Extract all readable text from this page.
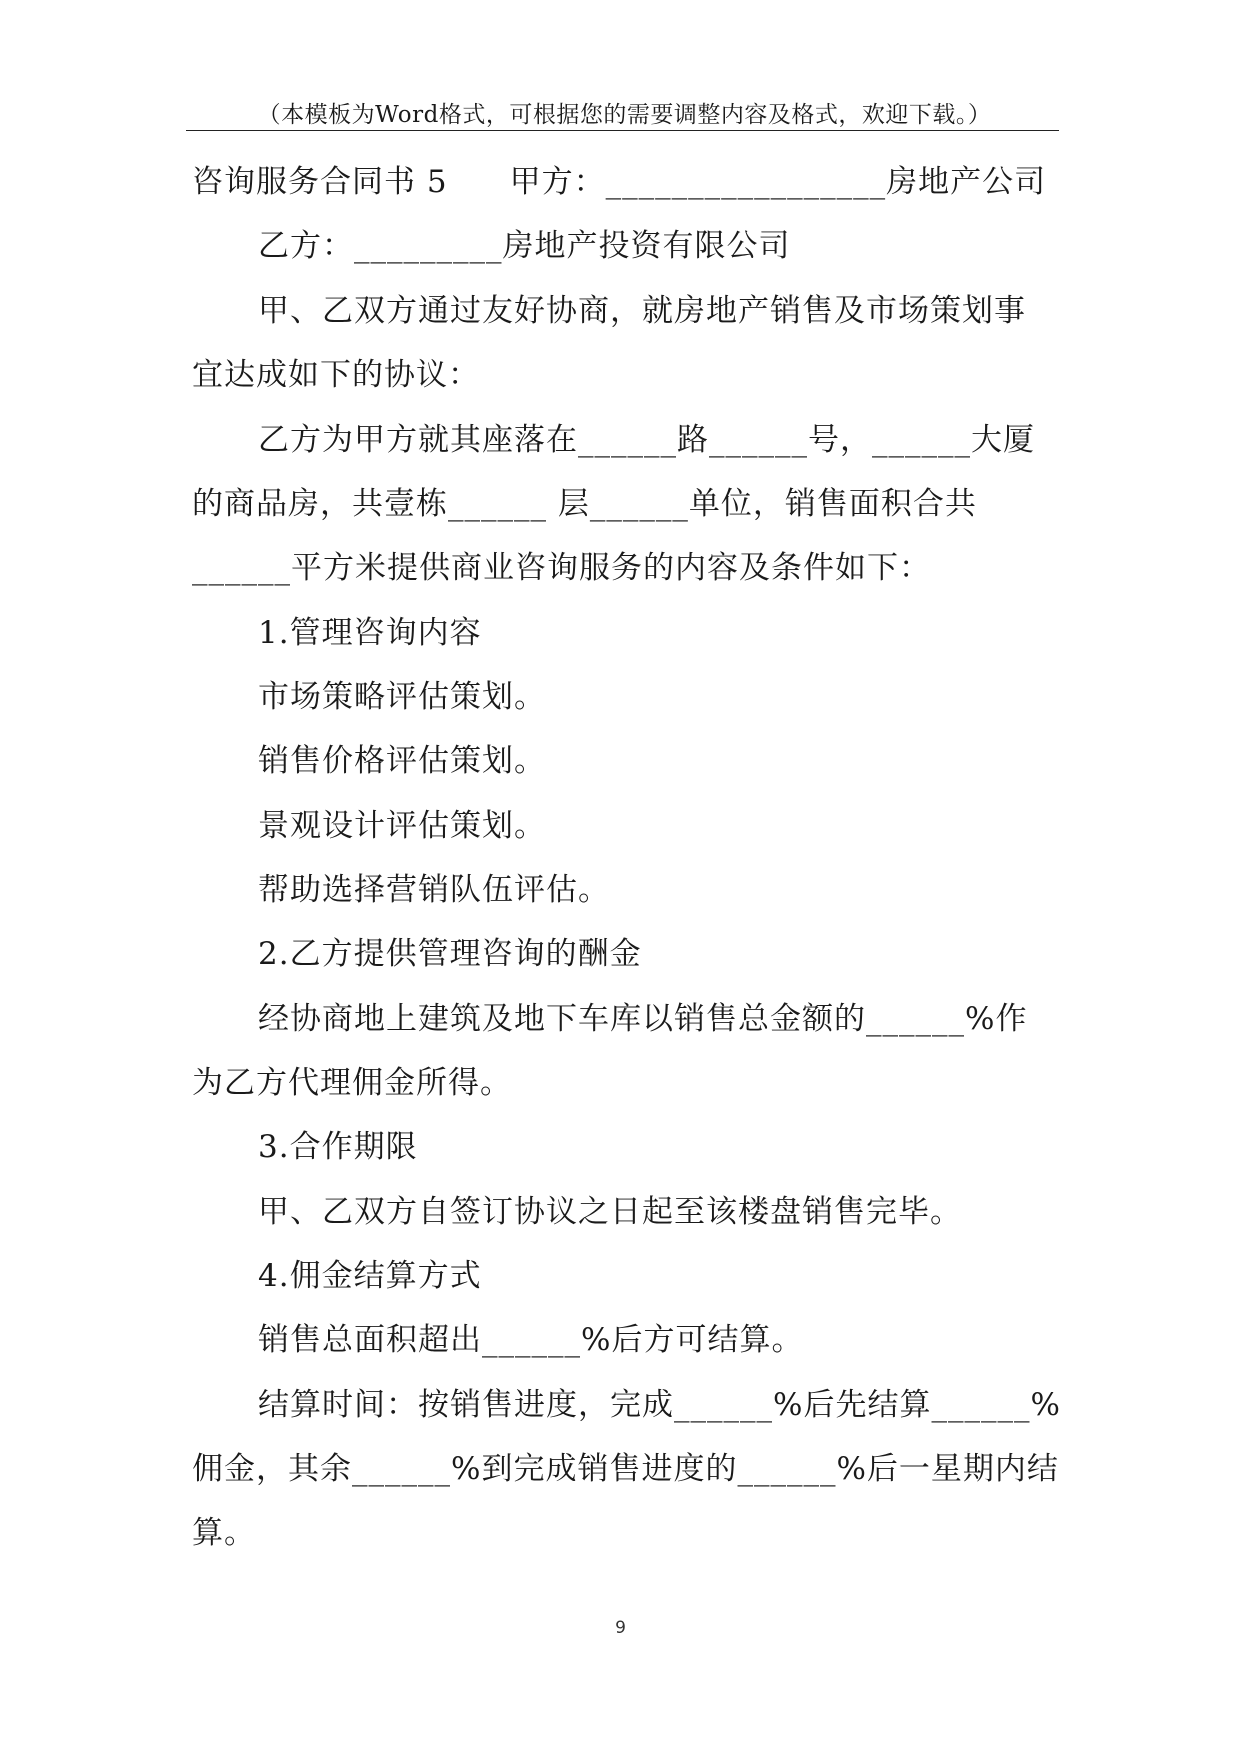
（本模板为Word格式，可根据您的需要调整内容及格式，欢迎下载。）
咨询服务合同书 5 甲方：_________________房地产公司
乙方：_________房地产投资有限公司
甲、乙双方通过友好协商，就房地产销售及市场策划事
宜达成如下的协议：
乙方为甲方就其座落在______路______号，______大厦
的商品房，共壹栋______ 层______单位，销售面积合共
______平方米提供商业咨询服务的内容及条件如下：
1.管理咨询内容
市场策略评估策划。
销售价格评估策划。
景观设计评估策划。
帮助选择营销队伍评估。
2.乙方提供管理咨询的酬金
经协商地上建筑及地下车库以销售总金额的______%作
为乙方代理佣金所得。
3.合作期限
甲、乙双方自签订协议之日起至该楼盘销售完毕。
4.佣金结算方式
销售总面积超出______%后方可结算。
结算时间：按销售进度，完成______%后先结算______%
佣金，其余______%到完成销售进度的______%后一星期内结
算。
9
